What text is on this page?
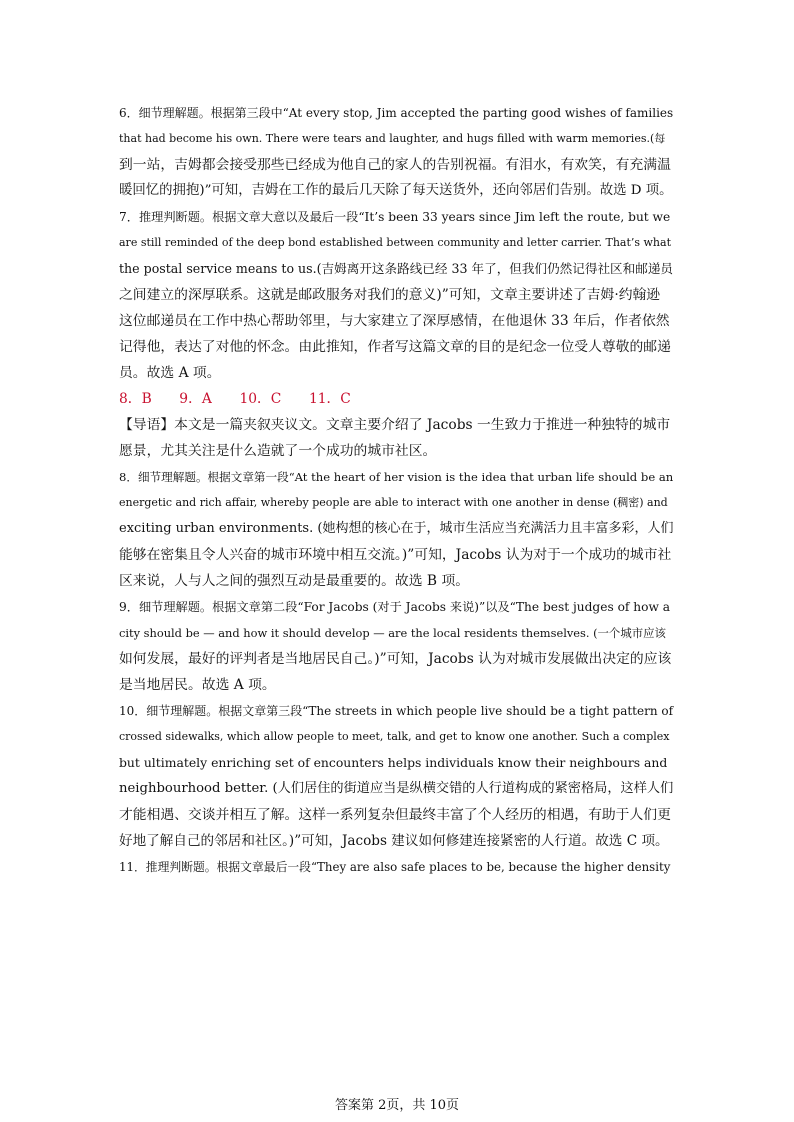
6．细节理解题。根据第三段中“At every stop, Jim accepted the parting good wishes of families
that had become his own. There were tears and laughter, and hugs filled with warm memories.(每
到一站，吉姆都会接受那些已经成为他自己的家人的告别祝福。有泪水，有欢笑，有充满温
暖回忆的拥抱)”可知，吉姆在工作的最后几天除了每天送货外，还向邻居们告别。故选 D 项。
7．推理判断题。根据文章大意以及最后一段“It’s been 33 years since Jim left the route, but we
are still reminded of the deep bond established between community and letter carrier. That’s what
the postal service means to us.(吉姆离开这条路线已经 33 年了，但我们仍然记得社区和邮递员
之间建立的深厚联系。这就是邮政服务对我们的意义)”可知，文章主要讲述了吉姆·约翰逊
这位邮递员在工作中热心帮助邻里，与大家建立了深厚感情，在他退休 33 年后，作者依然
记得他，表达了对他的怀念。由此推知，作者写这篇文章的目的是纪念一位受人尊敬的邮递
员。故选 A 项。
8．B　　9．A　　10．C　　11．C
【导语】本文是一篇夹叙夹议文。文章主要介绍了 Jacobs 一生致力于推进一种独特的城市
愿景，尤其关注是什么造就了一个成功的城市社区。
8．细节理解题。根据文章第一段“At the heart of her vision is the idea that urban life should be an
energetic and rich affair, whereby people are able to interact with one another in dense (稠密) and
exciting urban environments. (她构想的核心在于，城市生活应当充满活力且丰富多彩，人们
能够在密集且令人兴奋的城市环境中相互交流。)”可知，Jacobs 认为对于一个成功的城市社
区来说，人与人之间的强烈互动是最重要的。故选 B 项。
9．细节理解题。根据文章第二段“For Jacobs (对于 Jacobs 来说)”以及“The best judges of how a
city should be — and how it should develop — are the local residents themselves. (一个城市应该
如何发展，最好的评判者是当地居民自己。)”可知，Jacobs 认为对城市发展做出决定的应该
是当地居民。故选 A 项。
10．细节理解题。根据文章第三段“The streets in which people live should be a tight pattern of
crossed sidewalks, which allow people to meet, talk, and get to know one another. Such a complex
but ultimately enriching set of encounters helps individuals know their neighbours and
neighbourhood better. (人们居住的街道应当是纵横交错的人行道构成的紧密格局，这样人们
才能相遇、交谈并相互了解。这样一系列复杂但最终丰富了个人经历的相遇，有助于人们更
好地了解自己的邻居和社区。)”可知，Jacobs 建议如何修建连接紧密的人行道。故选 C 项。
11．推理判断题。根据文章最后一段“They are also safe places to be, because the higher density
答案第 2页，共 10页
